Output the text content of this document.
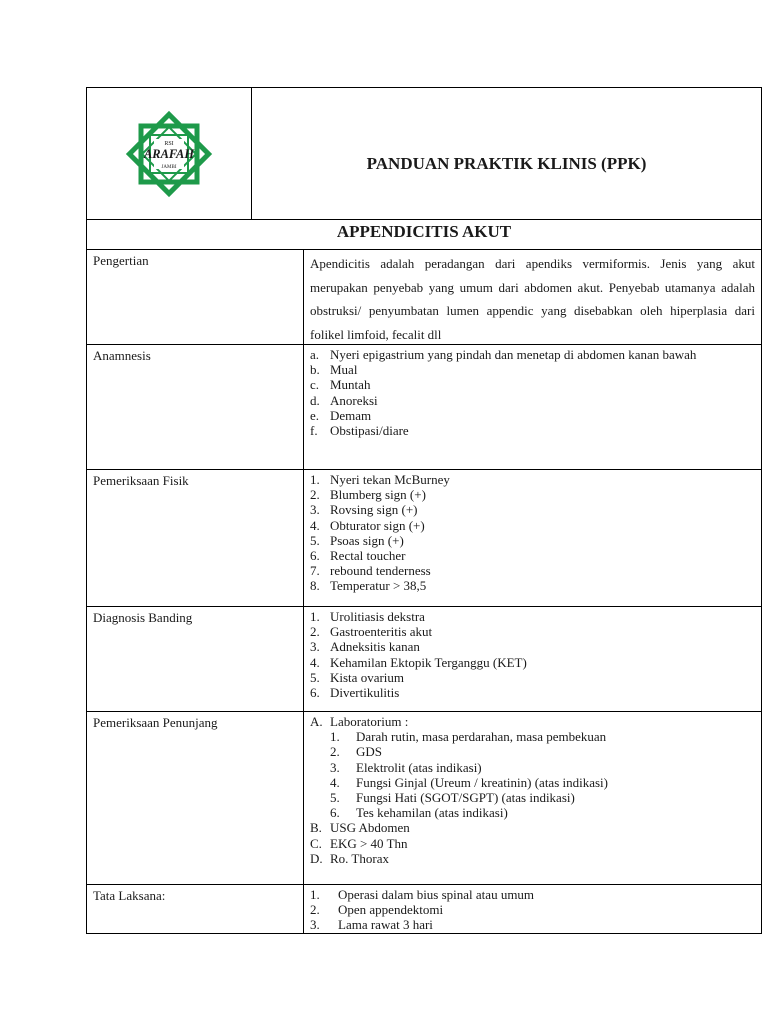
RSI
ARAFAH
JAMBI	PANDUAN PRAKTIK KLINIS (PPK)
APPENDICITIS AKUT
Pengertian	Apendicitis adalah peradangan dari apendiks vermiformis. Jenis yang akut merupakan penyebab yang umum dari abdomen akut. Penyebab utamanya adalah obstruksi/ penyumbatan lumen appendic yang disebabkan oleh hiperplasia dari folikel limfoid, fecalit dll
Anamnesis	a. Nyeri epigastrium yang pindah dan menetap di abdomen kanan bawah
b. Mual
c. Muntah
d. Anoreksi
e. Demam
f. Obstipasi/diare
Pemeriksaan Fisik	1. Nyeri tekan McBurney
2. Blumberg sign (+)
3. Rovsing sign (+)
4. Obturator sign (+)
5. Psoas sign (+)
6. Rectal toucher
7. rebound tenderness
8. Temperatur > 38,5
Diagnosis Banding	1. Urolitiasis dekstra
2. Gastroenteritis akut
3. Adneksitis kanan
4. Kehamilan Ektopik Terganggu (KET)
5. Kista ovarium
6. Divertikulitis
Pemeriksaan Penunjang	A. Laboratorium :
1.	Darah rutin, masa perdarahan, masa pembekuan
2.	GDS
3.	Elektrolit (atas indikasi)
4.	Fungsi Ginjal (Ureum / kreatinin) (atas indikasi)
5.	Fungsi Hati (SGOT/SGPT) (atas indikasi)
6.	Tes kehamilan (atas indikasi)
B. USG Abdomen
C. EKG > 40 Thn
D. Ro. Thorax
Tata Laksana:	1.	Operasi dalam bius spinal atau umum
2.	Open appendektomi
3.	Lama rawat 3 hari
